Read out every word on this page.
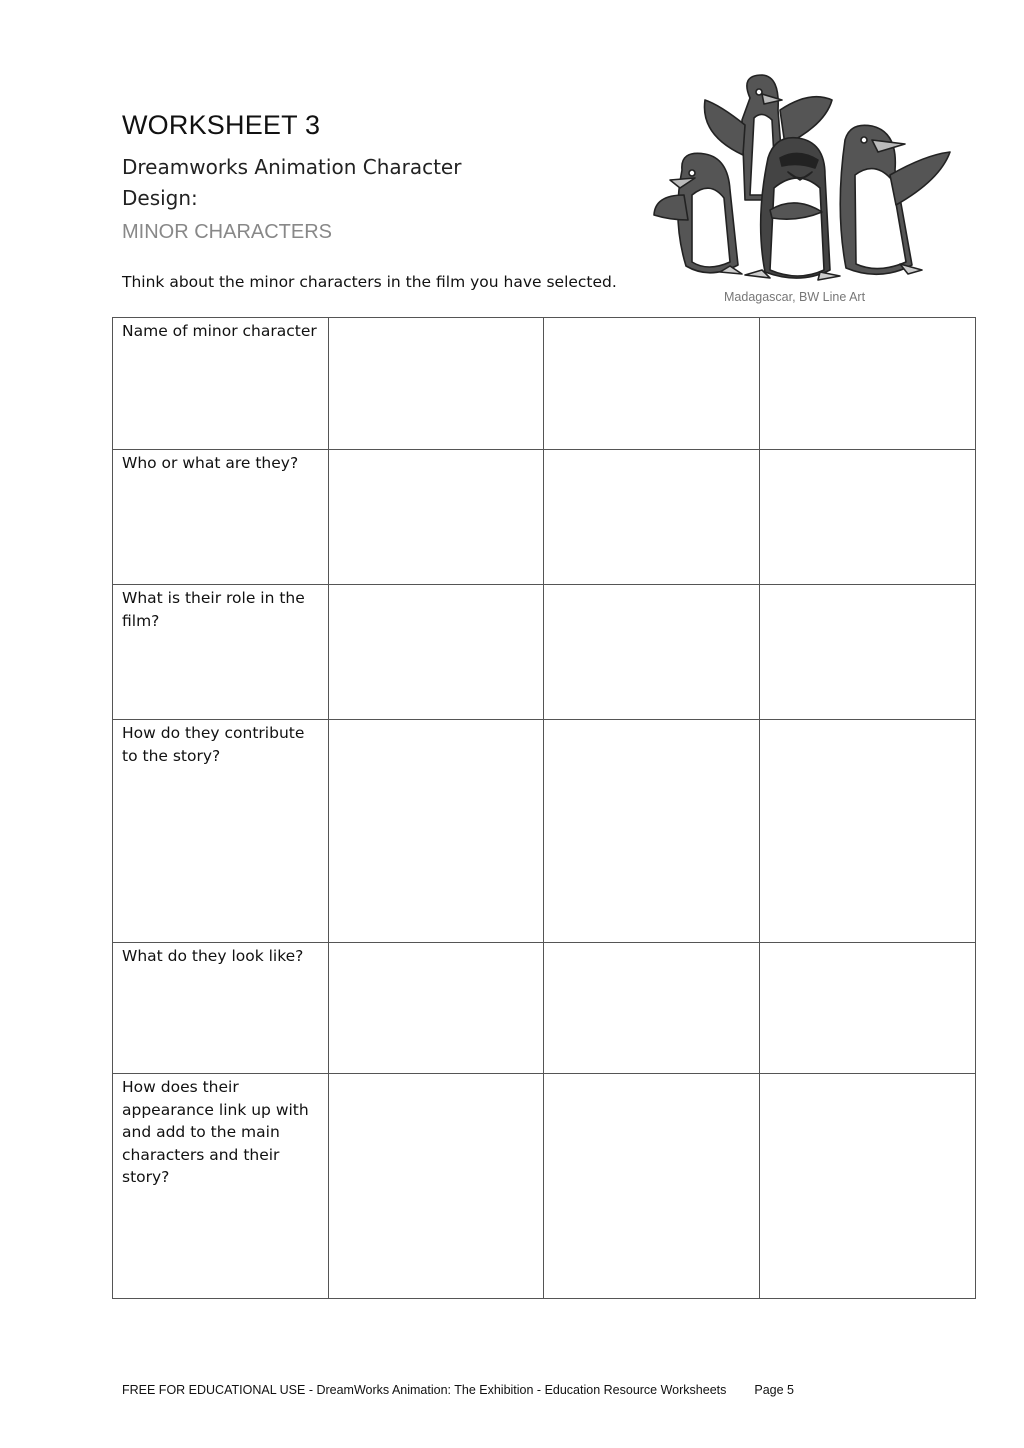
WORKSHEET 3
Dreamworks Animation Character Design:
MINOR CHARACTERS

Think about the minor characters in the film you have selected.

Madagascar, BW Line Art
Name of minor character			
Who or what are they?			
What is their role in the film?			
How do they contribute to the story?			
What do they look like?			
How does their appearance link up with and add to the main characters and their story?			
FREE FOR EDUCATIONAL USE - DreamWorks Animation: The Exhibition - Education Resource Worksheets Page 5
